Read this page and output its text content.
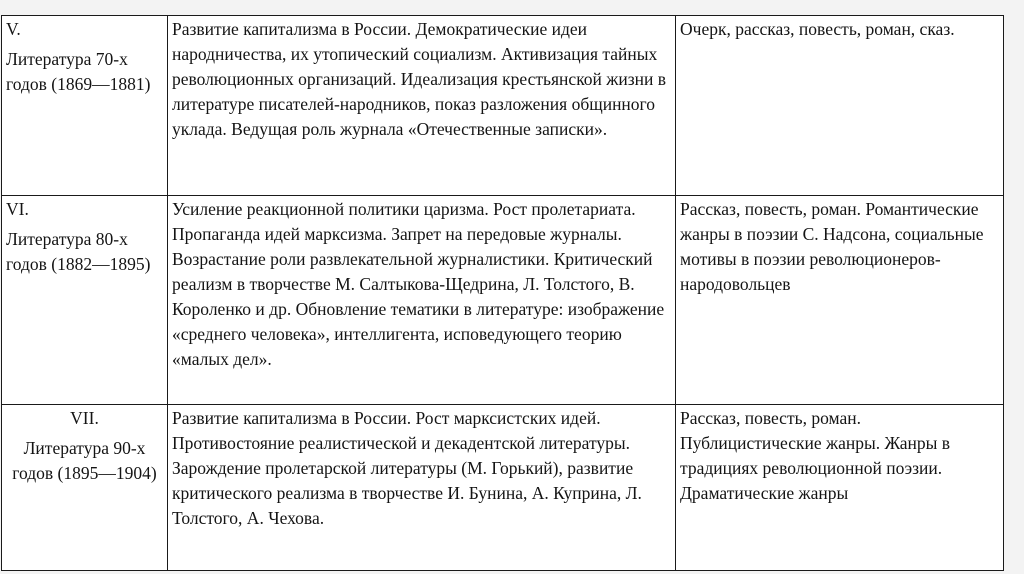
V.
Литература 70-х годов (1869—1881)	Развитие капитализма в России. Демократические идеи народничества, их утопический социализм. Активизация тайных революционных организаций. Идеализация крестьянской жизни в литературе писателей-народников, показ разложения общинного уклада. Ведущая роль журнала «Отечественные записки».	Очерк, рассказ, повесть, роман, сказ.

VI.
Литература 80-х годов (1882—1895)	Усиление реакционной политики царизма. Рост пролетариата. Пропаганда идей марксизма. Запрет на передовые журналы. Возрастание роли развлекательной журналистики. Критический реализм в творчестве М. Салтыкова-Щедрина, Л. Толстого, В. Короленко и др. Обновление тематики в литературе: изображение «среднего человека», интеллигента, исповедующего теорию «малых дел».	Рассказ, повесть, роман. Романтические жанры в поэзии С. Надсона, социальные мотивы в поэзии революционеров-народовольцев

VII.
Литература 90-х годов (1895—1904)	Развитие капитализма в России. Рост марксистских идей. Противостояние реалистической и декадентской литературы. Зарождение пролетарской литературы (М. Горький), развитие критического реализма в творчестве И. Бунина, А. Куприна, Л. Толстого, А. Чехова.	Рассказ, повесть, роман. Публицистические жанры. Жанры в традициях революционной поэзии. Драматические жанры
